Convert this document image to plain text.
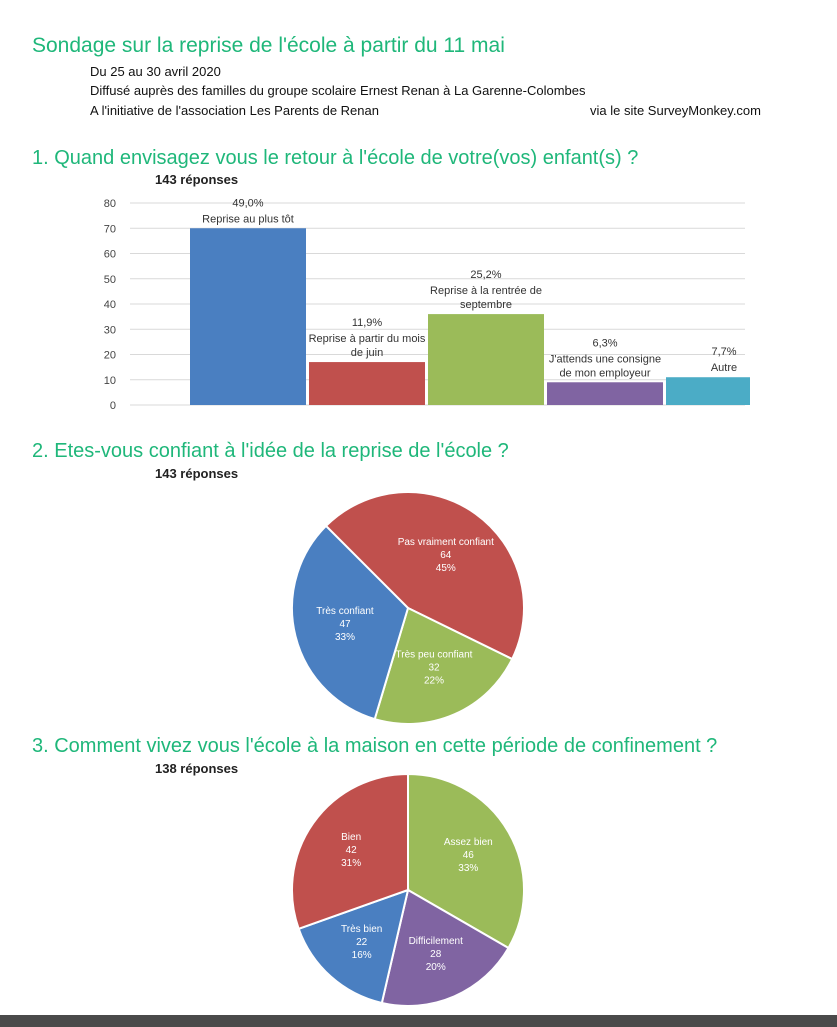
Sondage sur la reprise de l'école à partir du 11 mai
Du 25 au 30 avril 2020
Diffusé auprès des familles du groupe scolaire Ernest Renan à La Garenne-Colombes
A l'initiative de l'association Les Parents de Renan	via le site SurveyMonkey.com
1. Quand envisagez vous le retour à l'école de votre(vos) enfant(s) ?
143 réponses
0
10
20
30
40
50
60
70
80	49,0%
Reprise au plus tôt
11,9%
Reprise à partir du mois
de juin
25,2%
Reprise à la rentrée de
septembre
6,3%
J'attends une consigne
de mon employeur
7,7%
Autre
2. Etes-vous confiant à l'idée de la reprise de l'école ?
143 réponses
Pas vraiment confiant
64
45%
Très peu confiant
32
22%
Très confiant
47
33%
3. Comment vivez vous l'école à la maison en cette période de confinement ?
138 réponses
Assez bien
46
33%
Difficilement
28
20%
Très bien
22
16%
Bien
42
31%
